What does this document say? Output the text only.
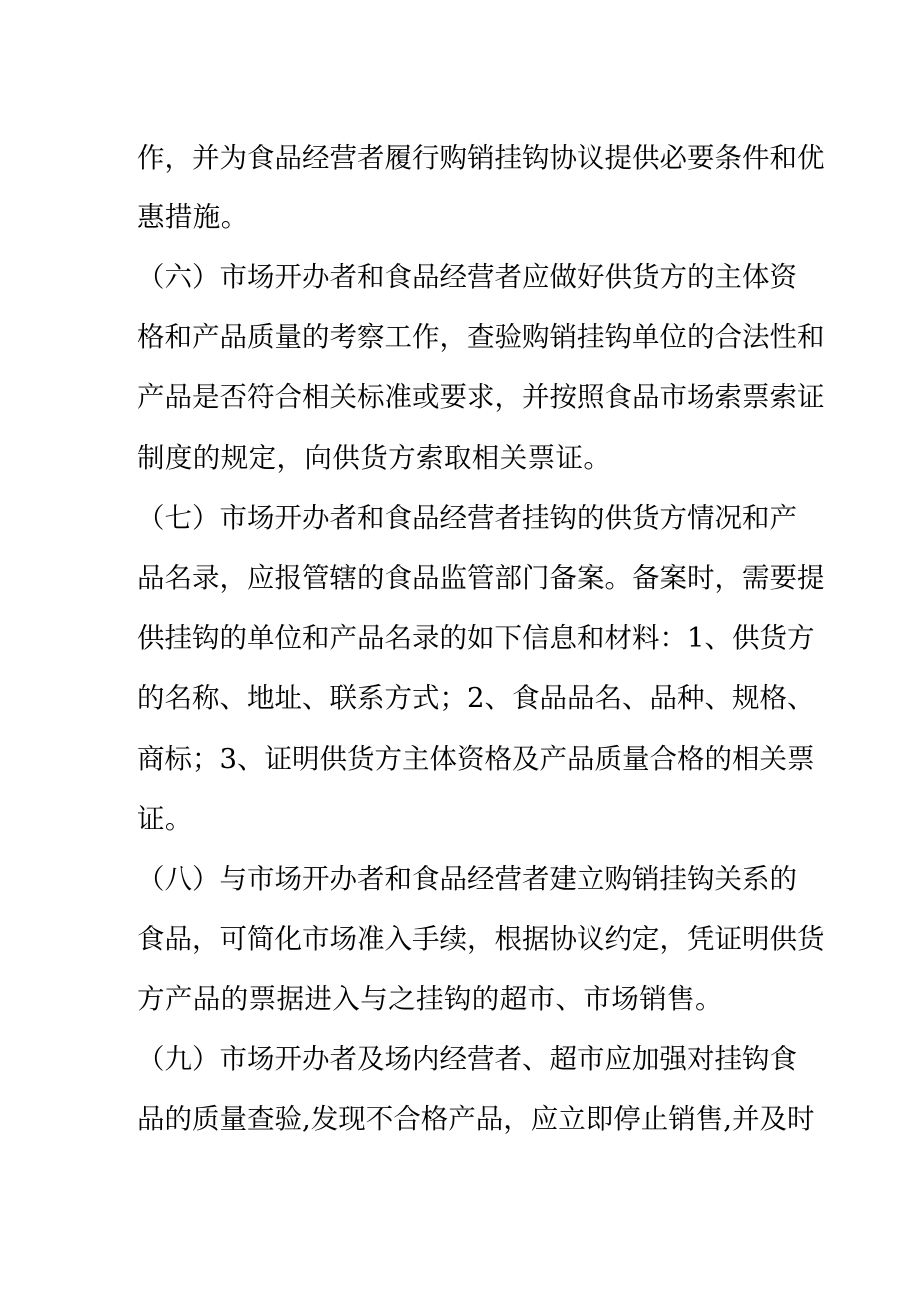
作，并为食品经营者履行购销挂钩协议提供必要条件和优
惠措施。
（六）市场开办者和食品经营者应做好供货方的主体资
格和产品质量的考察工作，查验购销挂钩单位的合法性和
产品是否符合相关标准或要求，并按照食品市场索票索证
制度的规定，向供货方索取相关票证。
（七）市场开办者和食品经营者挂钩的供货方情况和产
品名录，应报管辖的食品监管部门备案。备案时，需要提
供挂钩的单位和产品名录的如下信息和材料：1、供货方
的名称、地址、联系方式；2、食品品名、品种、规格、
商标；3、证明供货方主体资格及产品质量合格的相关票
证。
（八）与市场开办者和食品经营者建立购销挂钩关系的
食品，可简化市场准入手续，根据协议约定，凭证明供货
方产品的票据进入与之挂钩的超市、市场销售。
（九）市场开办者及场内经营者、超市应加强对挂钩食
品的质量查验,发现不合格产品，应立即停止销售,并及时
